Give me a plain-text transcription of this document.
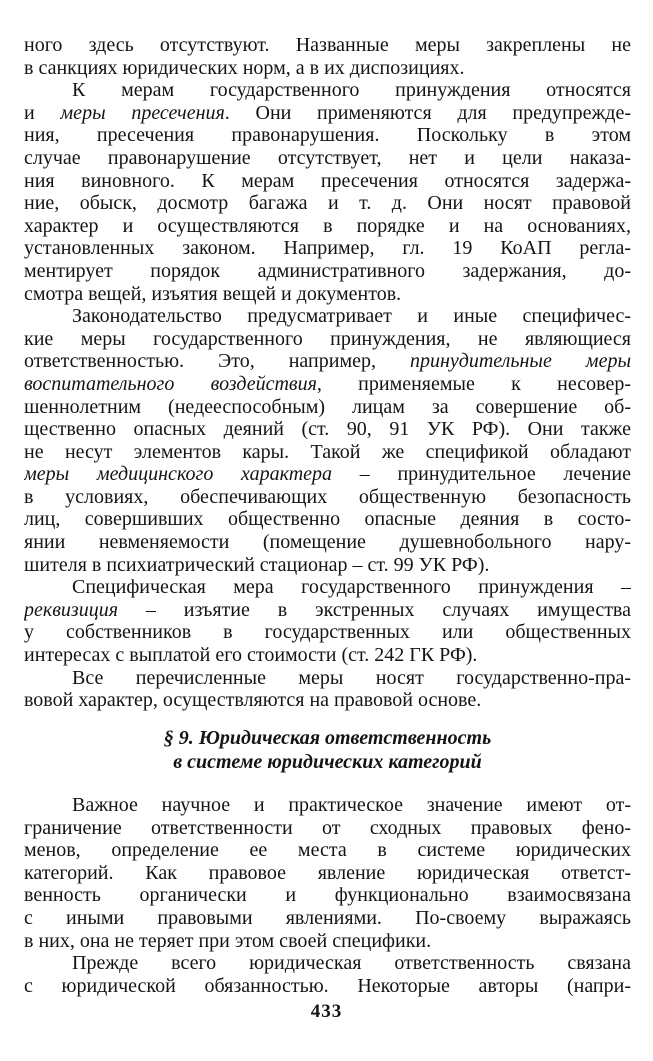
ного здесь отсутствуют. Названные меры закреплены не
в санкциях юридических норм, а в их диспозициях.
К мерам государственного принуждения относятся
и меры пресечения. Они применяются для предупрежде-
ния, пресечения правонарушения. Поскольку в этом
случае правонарушение отсутствует, нет и цели наказа-
ния виновного. К мерам пресечения относятся задержа-
ние, обыск, досмотр багажа и т. д. Они носят правовой
характер и осуществляются в порядке и на основаниях,
установленных законом. Например, гл. 19 КоАП регла-
ментирует порядок административного задержания, до-
смотра вещей, изъятия вещей и документов.
Законодательство предусматривает и иные специфичес-
кие меры государственного принуждения, не являющиеся
ответственностью. Это, например, принудительные меры
воспитательного воздействия, применяемые к несовер-
шеннолетним (недееспособным) лицам за совершение об-
щественно опасных деяний (ст. 90, 91 УК РФ). Они также
не несут элементов кары. Такой же спецификой обладают
меры медицинского характера – принудительное лечение
в условиях, обеспечивающих общественную безопасность
лиц, совершивших общественно опасные деяния в состо-
янии невменяемости (помещение душевнобольного нару-
шителя в психиатрический стационар – ст. 99 УК РФ).
Специфическая мера государственного принуждения –
реквизиция – изъятие в экстренных случаях имущества
у собственников в государственных или общественных
интересах с выплатой его стоимости (ст. 242 ГК РФ).
Все перечисленные меры носят государственно-пра-
вовой характер, осуществляются на правовой основе.
§ 9. Юридическая ответственность
в системе юридических категорий
Важное научное и практическое значение имеют от-
граничение ответственности от сходных правовых фено-
менов, определение ее места в системе юридических
категорий. Как правовое явление юридическая ответст-
венность органически и функционально взаимосвязана
с иными правовыми явлениями. По-своему выражаясь
в них, она не теряет при этом своей специфики.
Прежде всего юридическая ответственность связана
с юридической обязанностью. Некоторые авторы (напри-
433
